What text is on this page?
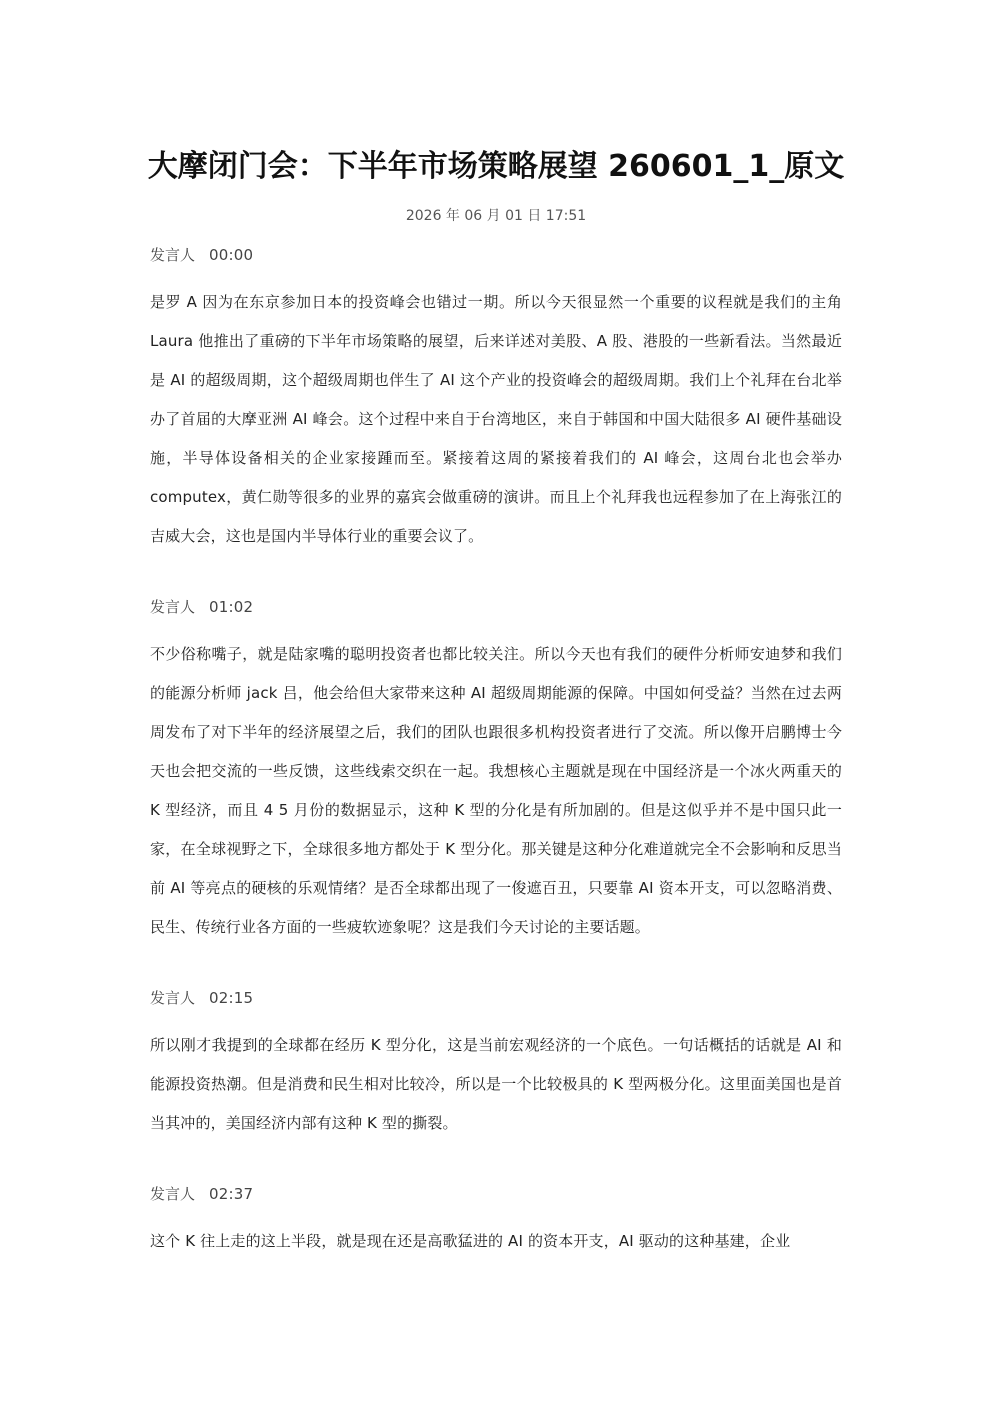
大摩闭门会：下半年市场策略展望 260601_1_原文
2026 年 06 月 01 日 17:51
发言人 00:00

是罗 A 因为在东京参加日本的投资峰会也错过一期。所以今天很显然一个重要的议程就是我们的主角 Laura 他推出了重磅的下半年市场策略的展望，后来详述对美股、A 股、港股的一些新看法。当然最近是 AI 的超级周期，这个超级周期也伴生了 AI 这个产业的投资峰会的超级周期。我们上个礼拜在台北举办了首届的大摩亚洲 AI 峰会。这个过程中来自于台湾地区，来自于韩国和中国大陆很多 AI 硬件基础设施，半导体设备相关的企业家接踵而至。紧接着这周的紧接着我们的 AI 峰会，这周台北也会举办 computex，黄仁勋等很多的业界的嘉宾会做重磅的演讲。而且上个礼拜我也远程参加了在上海张江的吉威大会，这也是国内半导体行业的重要会议了。

发言人 01:02

不少俗称嘴子，就是陆家嘴的聪明投资者也都比较关注。所以今天也有我们的硬件分析师安迪梦和我们的能源分析师 jack 吕，他会给但大家带来这种 AI 超级周期能源的保障。中国如何受益？当然在过去两周发布了对下半年的经济展望之后，我们的团队也跟很多机构投资者进行了交流。所以像开启鹏博士今天也会把交流的一些反馈，这些线索交织在一起。我想核心主题就是现在中国经济是一个冰火两重天的 K 型经济，而且 4 5 月份的数据显示，这种 K 型的分化是有所加剧的。但是这似乎并不是中国只此一家，在全球视野之下，全球很多地方都处于 K 型分化。那关键是这种分化难道就完全不会影响和反思当前 AI 等亮点的硬核的乐观情绪？是否全球都出现了一俊遮百丑，只要靠 AI 资本开支，可以忽略消费、民生、传统行业各方面的一些疲软迹象呢？这是我们今天讨论的主要话题。

发言人 02:15

所以刚才我提到的全球都在经历 K 型分化，这是当前宏观经济的一个底色。一句话概括的话就是 AI 和能源投资热潮。但是消费和民生相对比较冷，所以是一个比较极具的 K 型两极分化。这里面美国也是首当其冲的，美国经济内部有这种 K 型的撕裂。

发言人 02:37

这个 K 往上走的这上半段，就是现在还是高歌猛进的 AI 的资本开支，AI 驱动的这种基建，企业
